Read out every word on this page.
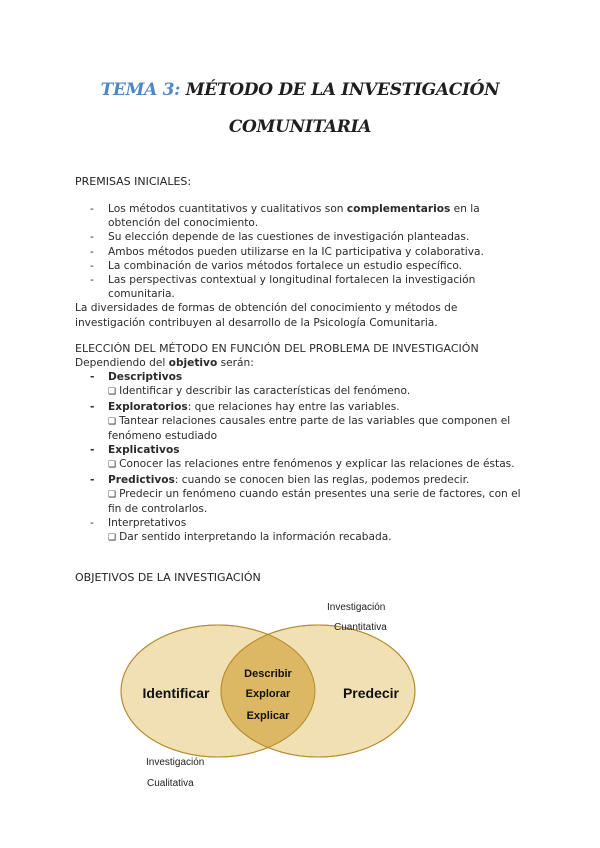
TEMA 3: MÉTODO DE LA INVESTIGACIÓN
COMUNITARIA
PREMISAS INICIALES:
- Los métodos cuantitativos y cualitativos son complementarios en la obtención del conocimiento.
- Su elección depende de las cuestiones de investigación planteadas.
- Ambos métodos pueden utilizarse en la IC participativa y colaborativa.
- La combinación de varios métodos fortalece un estudio específico.
- Las perspectivas contextual y longitudinal fortalecen la investigación comunitaria.
La diversidades de formas de obtención del conocimiento y métodos de investigación contribuyen al desarrollo de la Psicología Comunitaria.
ELECCIÓN DEL MÉTODO EN FUNCIÓN DEL PROBLEMA DE INVESTIGACIÓN
Dependiendo del objetivo serán:
- Descriptivos
❑ Identificar y describir las características del fenómeno.
- Exploratorios: que relaciones hay entre las variables.
❑ Tantear relaciones causales entre parte de las variables que componen el fenómeno estudiado
- Explicativos
❑ Conocer las relaciones entre fenómenos y explicar las relaciones de éstas.
- Predictivos: cuando se conocen bien las reglas, podemos predecir.
❑ Predecir un fenómeno cuando están presentes una serie de factores, con el fin de controlarlos.
- Interpretativos
❑ Dar sentido interpretando la información recabada.
OBJETIVOS DE LA INVESTIGACIÓN
Identificar	Predecir
Describir
Explorar
Explicar
Investigación
Cuantitativa
Investigación
Cualitativa
